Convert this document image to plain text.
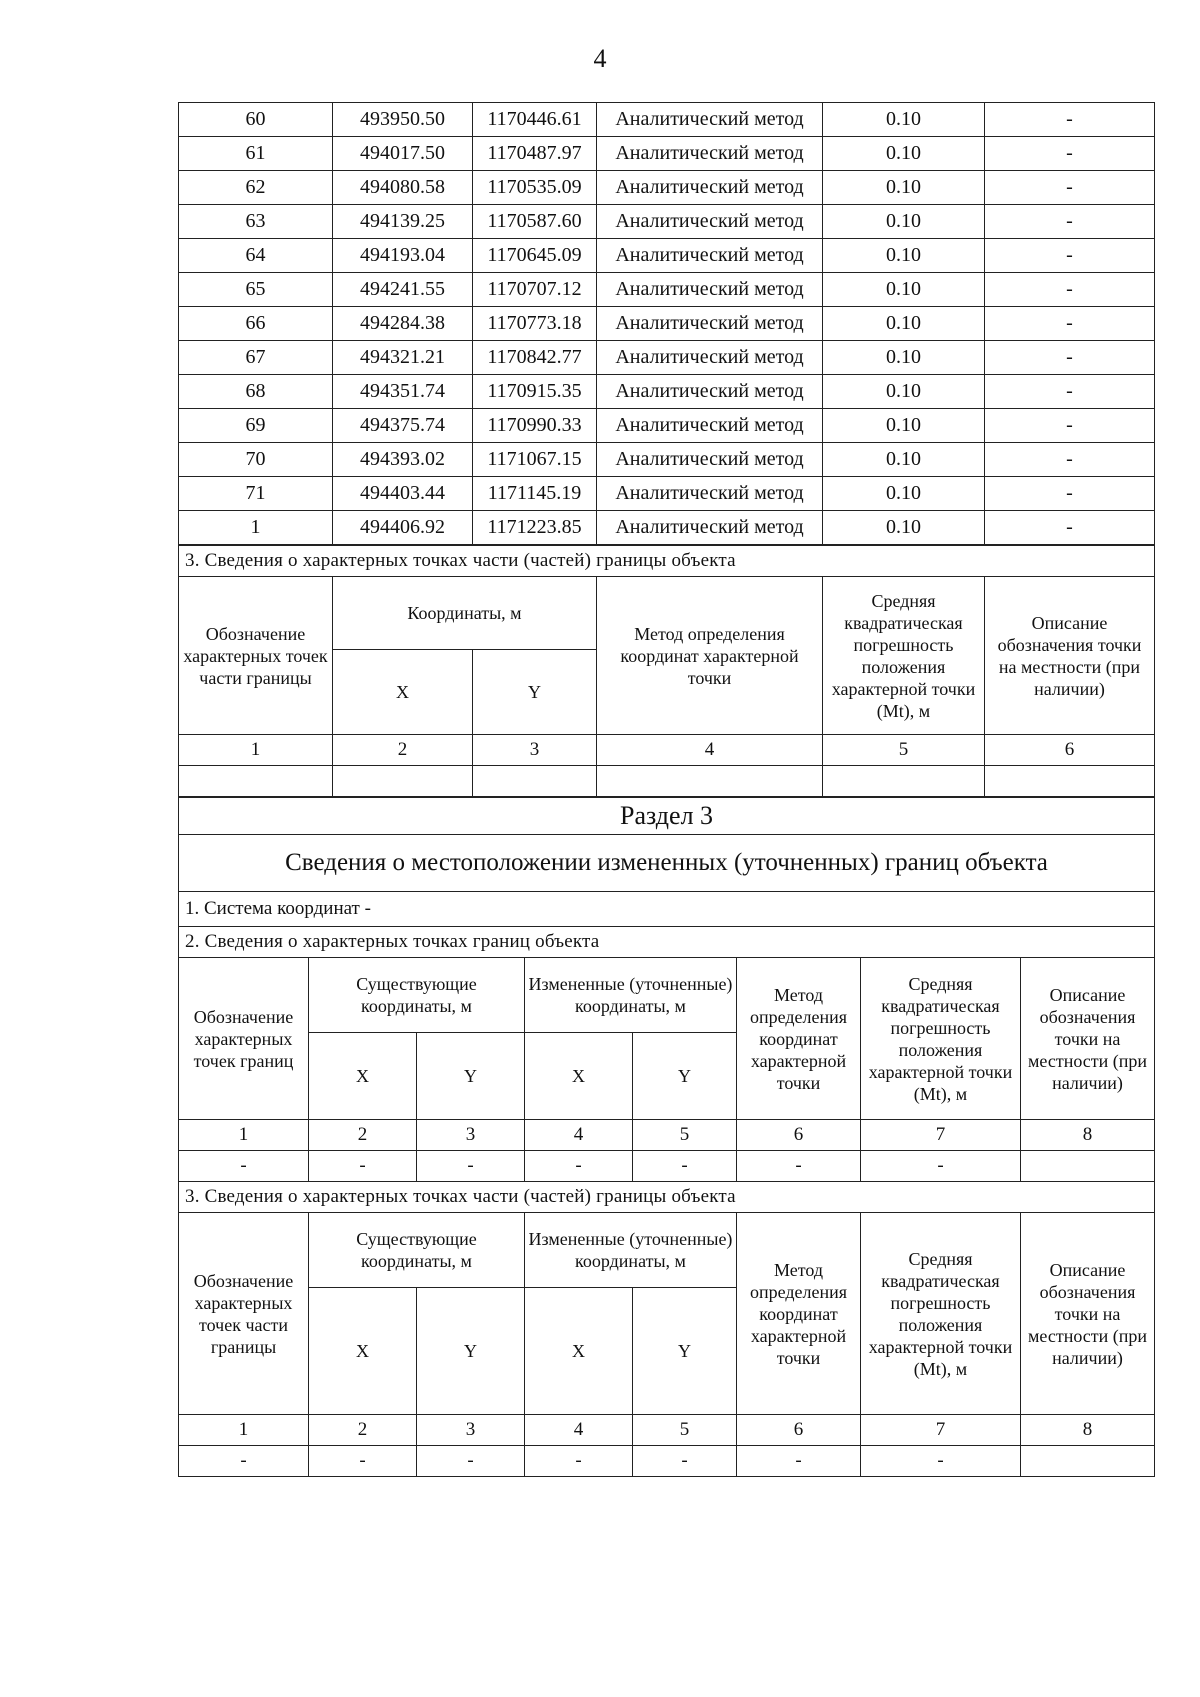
4
60	493950.50	1170446.61	Аналитический метод	0.10	-
61	494017.50	1170487.97	Аналитический метод	0.10	-
62	494080.58	1170535.09	Аналитический метод	0.10	-
63	494139.25	1170587.60	Аналитический метод	0.10	-
64	494193.04	1170645.09	Аналитический метод	0.10	-
65	494241.55	1170707.12	Аналитический метод	0.10	-
66	494284.38	1170773.18	Аналитический метод	0.10	-
67	494321.21	1170842.77	Аналитический метод	0.10	-
68	494351.74	1170915.35	Аналитический метод	0.10	-
69	494375.74	1170990.33	Аналитический метод	0.10	-
70	494393.02	1171067.15	Аналитический метод	0.10	-
71	494403.44	1171145.19	Аналитический метод	0.10	-
1	494406.92	1171223.85	Аналитический метод	0.10	-
3. Сведения о характерных точках части (частей) границы объекта					
Обозначение характерных точек части границы	Координаты, м		Метод определения координат характерной точки	Средняя квадратическая погрешность положения характерной точки (Mt), м	Описание обозначения точки на местности (при наличии)
	X	Y			
1	2	3	4	5	6

Раздел 3							
Сведения о местоположении измененных (уточненных) границ объекта							
1. Система координат -							
2. Сведения о характерных точках границ объекта							
Обозначение характерных точек границ	Существующие координаты, м		Измененные (уточненные) координаты, м		Метод определения координат характерной точки	Средняя квадратическая погрешность положения характерной точки (Mt), м	Описание обозначения точки на местности (при наличии)
	X	Y	X	Y			
1	2	3	4	5	6	7	8
-	-	-	-	-	-	-	
3. Сведения о характерных точках части (частей) границы объекта							
Обозначение характерных точек части границы	Существующие координаты, м		Измененные (уточненные) координаты, м		Метод определения координат характерной точки	Средняя квадратическая погрешность положения характерной точки (Mt), м	Описание обозначения точки на местности (при наличии)
	X	Y	X	Y			
1	2	3	4	5	6	7	8
-	-	-	-	-	-	-	
